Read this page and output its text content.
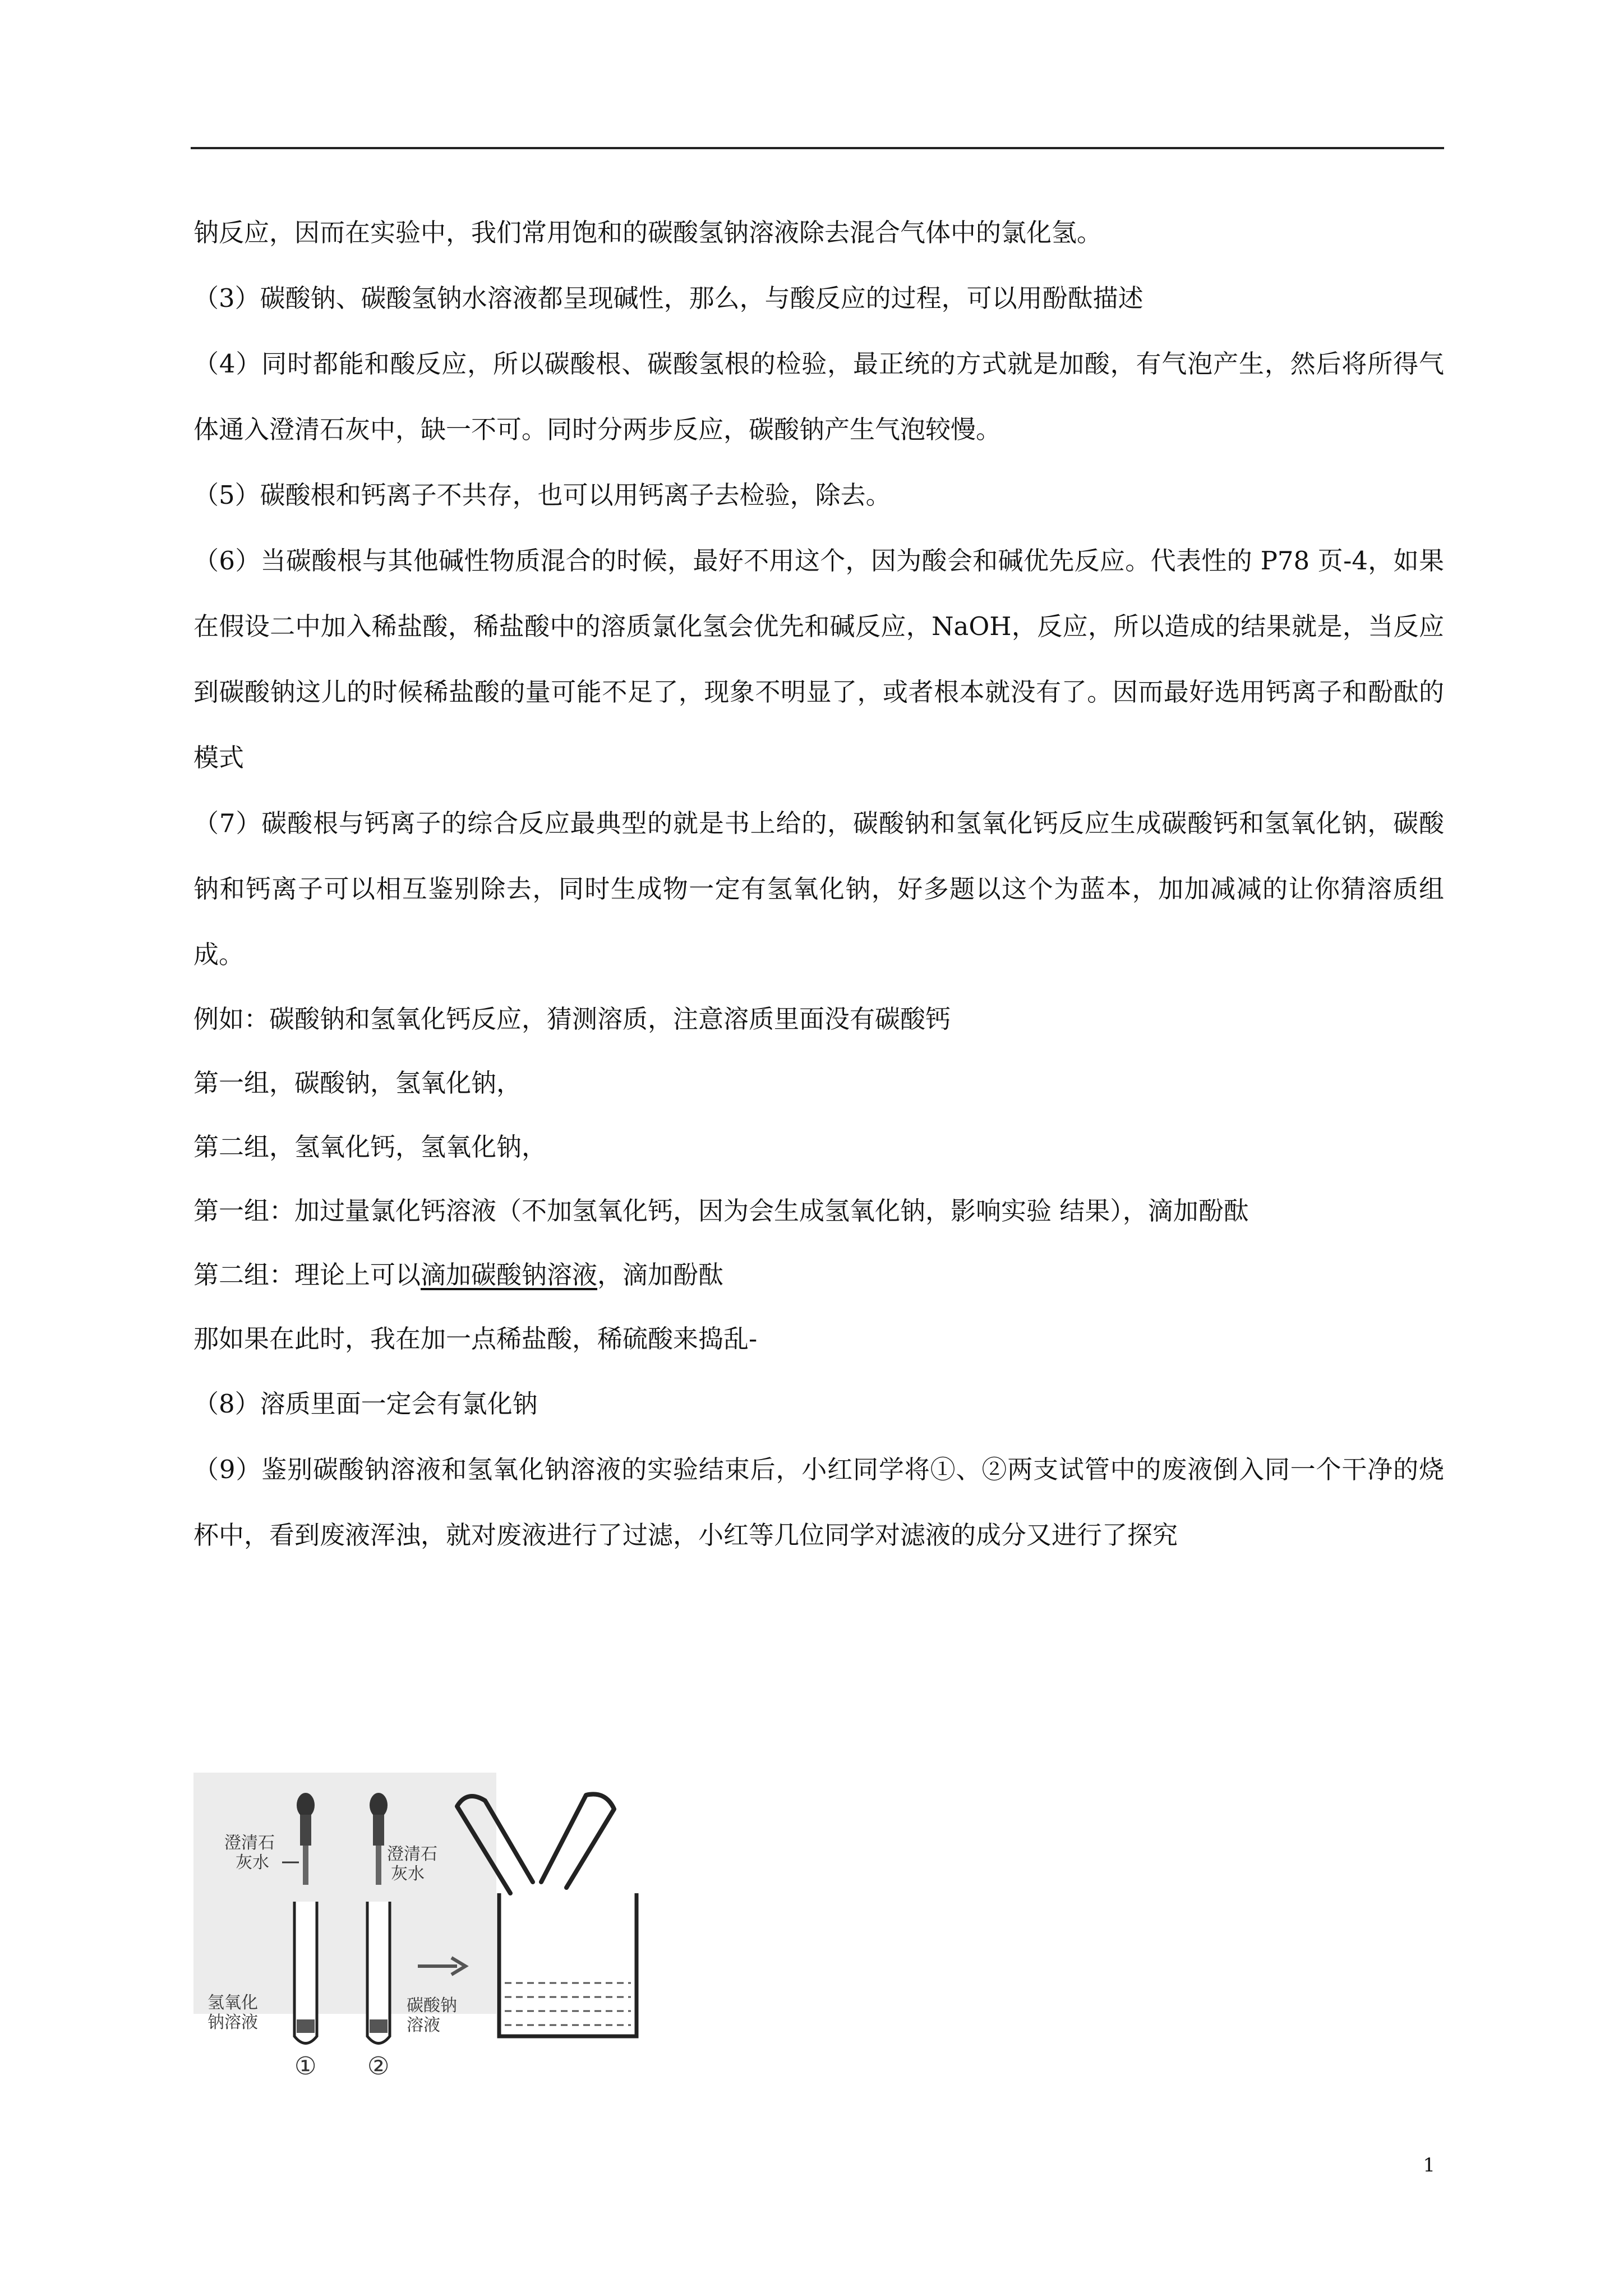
钠反应，因而在实验中，我们常用饱和的碳酸氢钠溶液除去混合气体中的氯化氢。
（3）碳酸钠、碳酸氢钠水溶液都呈现碱性，那么，与酸反应的过程，可以用酚酞描述
（4）同时都能和酸反应，所以碳酸根、碳酸氢根的检验，最正统的方式就是加酸，有气泡产生，然后将所得气体通入澄清石灰中，缺一不可。同时分两步反应，碳酸钠产生气泡较慢。
（5）碳酸根和钙离子不共存，也可以用钙离子去检验，除去。
（6）当碳酸根与其他碱性物质混合的时候，最好不用这个，因为酸会和碱优先反应。代表性的 P78 页-4，如果在假设二中加入稀盐酸，稀盐酸中的溶质氯化氢会优先和碱反应，NaOH，反应，所以造成的结果就是，当反应到碳酸钠这儿的时候稀盐酸的量可能不足了，现象不明显了，或者根本就没有了。因而最好选用钙离子和酚酞的模式
（7）碳酸根与钙离子的综合反应最典型的就是书上给的，碳酸钠和氢氧化钙反应生成碳酸钙和氢氧化钠，碳酸钠和钙离子可以相互鉴别除去，同时生成物一定有氢氧化钠，好多题以这个为蓝本，加加减减的让你猜溶质组成。
例如：碳酸钠和氢氧化钙反应，猜测溶质，注意溶质里面没有碳酸钙
第一组，碳酸钠，氢氧化钠，
第二组，氢氧化钙，氢氧化钠，
第一组：加过量氯化钙溶液（不加氢氧化钙，因为会生成氢氧化钠，影响实验 结果），滴加酚酞
第二组：理论上可以滴加碳酸钠溶液，滴加酚酞
那如果在此时，我在加一点稀盐酸，稀硫酸来捣乱-
（8）溶质里面一定会有氯化钠
（9）鉴别碳酸钠溶液和氢氧化钠溶液的实验结束后，小红同学将①、②两支试管中的废液倒入同一个干净的烧杯中，看到废液浑浊，就对废液进行了过滤，小红等几位同学对滤液的成分又进行了探究
澄清石
灰水	澄清石
灰水
氢氧化
钠溶液
碳酸钠
溶液
① ②
1
